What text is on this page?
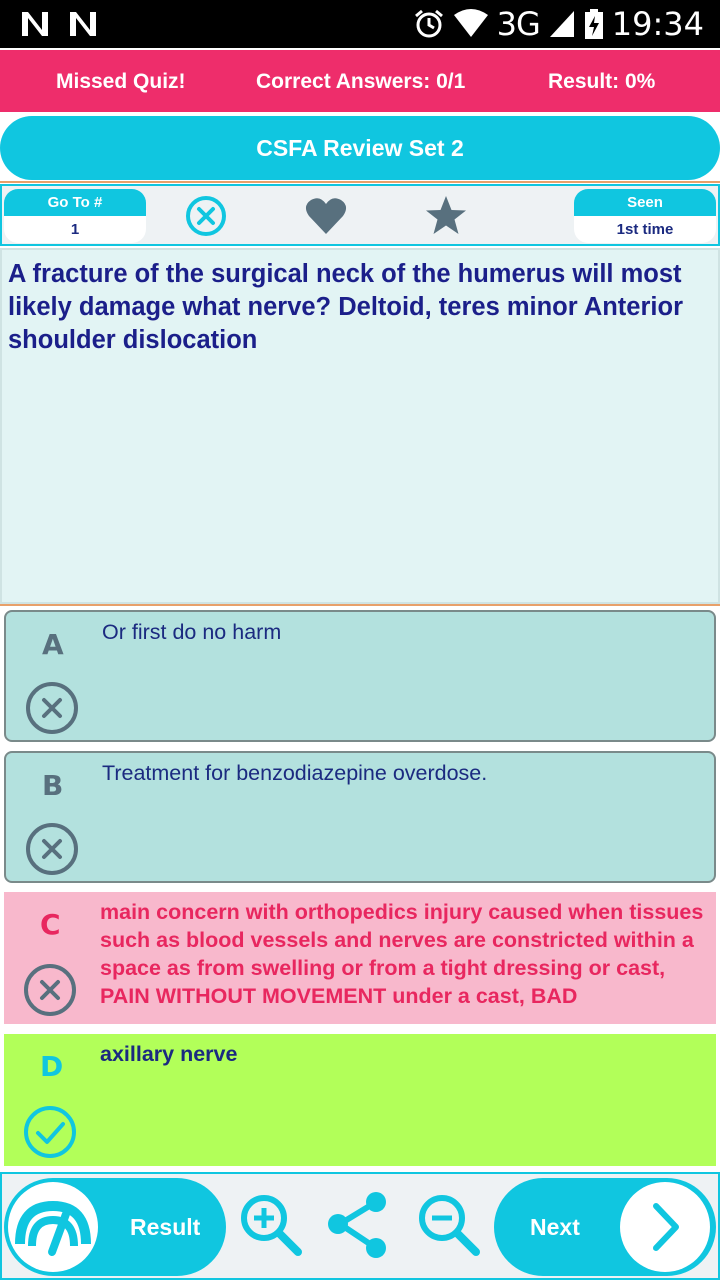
3G 19:34
Missed Quiz!	Correct Answers: 0/1	Result: 0%
CSFA Review Set 2
Go To #
1
Seen
1st time
A fracture of the surgical neck of the humerus will most likely damage what nerve? Deltoid, teres minor Anterior shoulder dislocation
A Or first do no harm
B Treatment for benzodiazepine overdose.
C main concern with orthopedics injury caused when tissues such as blood vessels and nerves are constricted within a space as from swelling or from a tight dressing or cast, PAIN WITHOUT MOVEMENT under a cast, BAD
D axillary nerve
Result	Next
